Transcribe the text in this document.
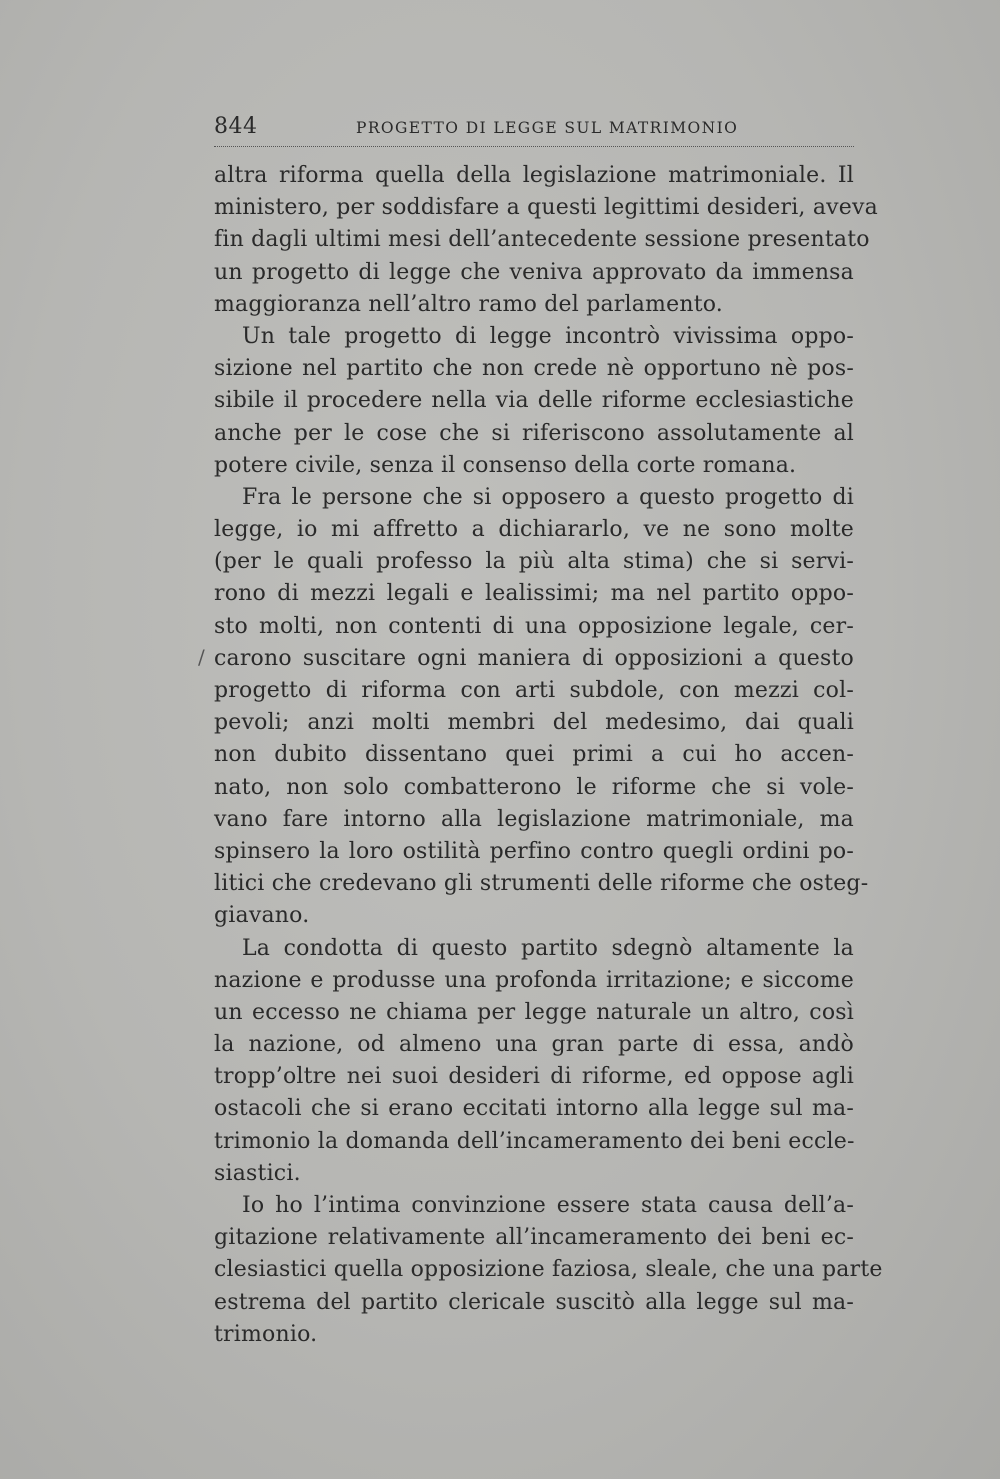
844	PROGETTO DI LEGGE SUL MATRIMONIO
/
altra riforma quella della legislazione matrimoniale. Il
ministero, per soddisfare a questi legittimi desideri, aveva
fin dagli ultimi mesi dell’antecedente sessione presentato
un progetto di legge che veniva approvato da immensa
maggioranza nell’altro ramo del parlamento.
Un tale progetto di legge incontrò vivissima oppo-
sizione nel partito che non crede nè opportuno nè pos-
sibile il procedere nella via delle riforme ecclesiastiche
anche per le cose che si riferiscono assolutamente al
potere civile, senza il consenso della corte romana.
Fra le persone che si opposero a questo progetto di
legge, io mi affretto a dichiararlo, ve ne sono molte
(per le quali professo la più alta stima) che si servi-
rono di mezzi legali e lealissimi; ma nel partito oppo-
sto molti, non contenti di una opposizione legale, cer-
carono suscitare ogni maniera di opposizioni a questo
progetto di riforma con arti subdole, con mezzi col-
pevoli; anzi molti membri del medesimo, dai quali
non dubito dissentano quei primi a cui ho accen-
nato, non solo combatterono le riforme che si vole-
vano fare intorno alla legislazione matrimoniale, ma
spinsero la loro ostilità perfino contro quegli ordini po-
litici che credevano gli strumenti delle riforme che osteg-
giavano.
La condotta di questo partito sdegnò altamente la
nazione e produsse una profonda irritazione; e siccome
un eccesso ne chiama per legge naturale un altro, così
la nazione, od almeno una gran parte di essa, andò
tropp’oltre nei suoi desideri di riforme, ed oppose agli
ostacoli che si erano eccitati intorno alla legge sul ma-
trimonio la domanda dell’incameramento dei beni eccle-
siastici.
Io ho l’intima convinzione essere stata causa dell’a-
gitazione relativamente all’incameramento dei beni ec-
clesiastici quella opposizione faziosa, sleale, che una parte
estrema del partito clericale suscitò alla legge sul ma-
trimonio.
